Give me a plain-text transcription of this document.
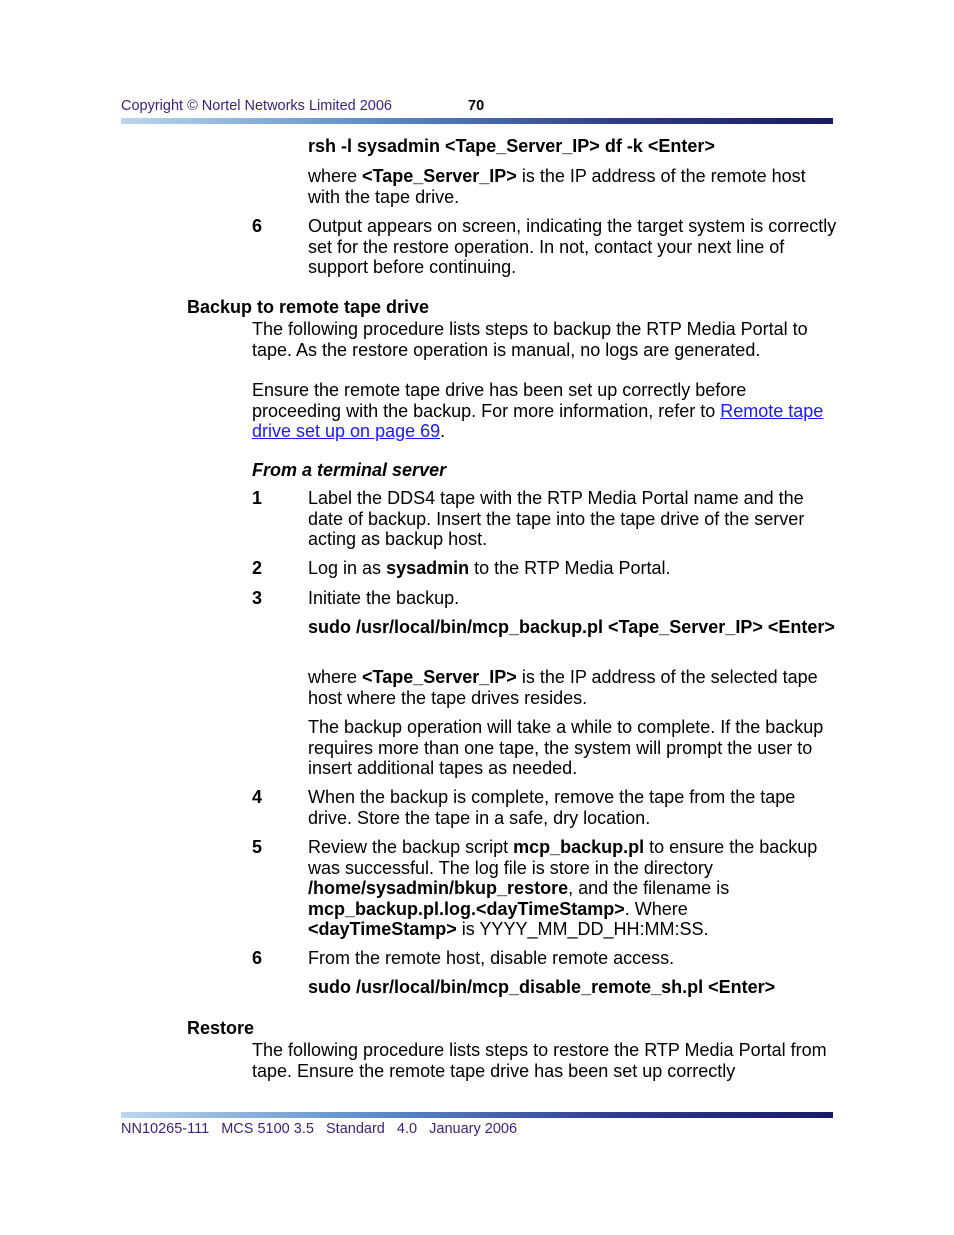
Copyright © Nortel Networks Limited 2006	70

rsh -l sysadmin <Tape_Server_IP> df -k <Enter>

where <Tape_Server_IP> is the IP address of the remote host with the tape drive.

6	Output appears on screen, indicating the target system is correctly set for the restore operation. In not, contact your next line of support before continuing.

Backup to remote tape drive

The following procedure lists steps to backup the RTP Media Portal to tape. As the restore operation is manual, no logs are generated.

Ensure the remote tape drive has been set up correctly before proceeding with the backup. For more information, refer to Remote tape drive set up on page 69.

From a terminal server

1	Label the DDS4 tape with the RTP Media Portal name and the date of backup. Insert the tape into the tape drive of the server acting as backup host.

2	Log in as sysadmin to the RTP Media Portal.

3	Initiate the backup.

sudo /usr/local/bin/mcp_backup.pl <Tape_Server_IP> <Enter>

where <Tape_Server_IP> is the IP address of the selected tape host where the tape drives resides.

The backup operation will take a while to complete. If the backup requires more than one tape, the system will prompt the user to insert additional tapes as needed.

4	When the backup is complete, remove the tape from the tape drive. Store the tape in a safe, dry location.

5	Review the backup script mcp_backup.pl to ensure the backup was successful. The log file is store in the directory /home/sysadmin/bkup_restore, and the filename is mcp_backup.pl.log.<dayTimeStamp>. Where <dayTimeStamp> is YYYY_MM_DD_HH:MM:SS.

6	From the remote host, disable remote access.

sudo /usr/local/bin/mcp_disable_remote_sh.pl <Enter>

Restore

The following procedure lists steps to restore the RTP Media Portal from tape. Ensure the remote tape drive has been set up correctly

NN10265-111   MCS 5100 3.5   Standard   4.0   January 2006
